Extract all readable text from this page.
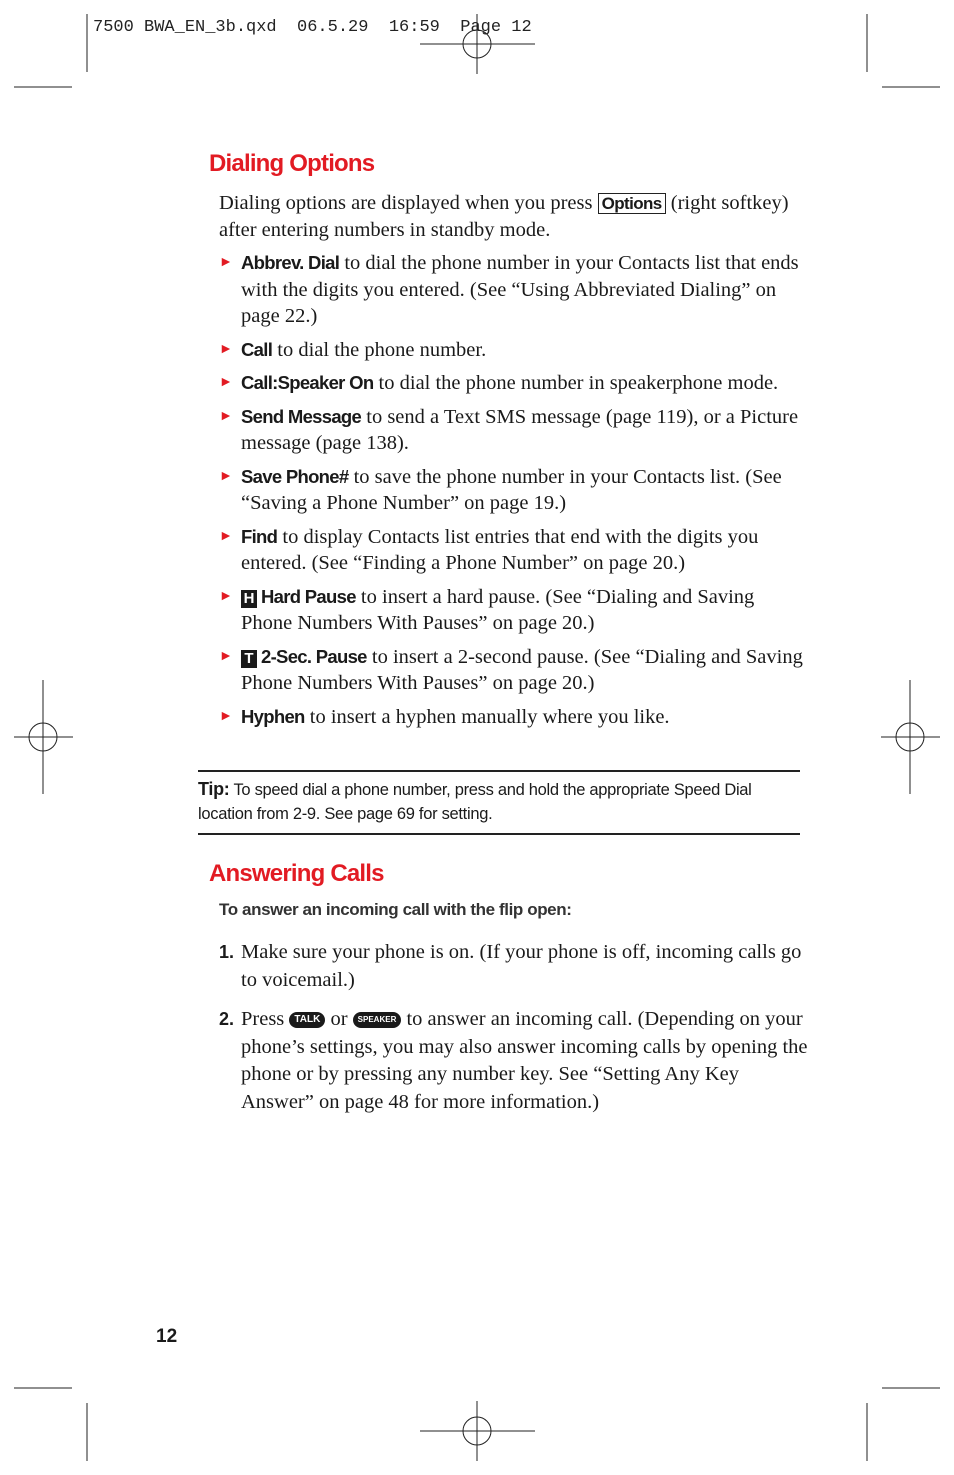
7500 BWA_EN_3b.qxd  06.5.29  16:59  Page 12
Dialing Options
Dialing options are displayed when you press Options (right softkey) after entering numbers in standby mode.
► Abbrev. Dial to dial the phone number in your Contacts list that ends with the digits you entered. (See “Using Abbreviated Dialing” on page 22.)
► Call to dial the phone number.
► Call:Speaker On to dial the phone number in speakerphone mode.
► Send Message to send a Text SMS message (page 119), or a Picture message (page 138).
► Save Phone# to save the phone number in your Contacts list. (See “Saving a Phone Number” on page 19.)
► Find to display Contacts list entries that end with the digits you entered. (See “Finding a Phone Number” on page 20.)
► H Hard Pause to insert a hard pause. (See “Dialing and Saving Phone Numbers With Pauses” on page 20.)
► T 2-Sec. Pause to insert a 2-second pause. (See “Dialing and Saving Phone Numbers With Pauses” on page 20.)
► Hyphen to insert a hyphen manually where you like.
Tip: To speed dial a phone number, press and hold the appropriate Speed Dial location from 2-9. See page 69 for setting.
Answering Calls
To answer an incoming call with the flip open:
1. Make sure your phone is on. (If your phone is off, incoming calls go to voicemail.)
2. Press TALK or SPEAKER to answer an incoming call. (Depending on your phone’s settings, you may also answer incoming calls by opening the phone or by pressing any number key. See “Setting Any Key Answer” on page 48 for more information.)
12
